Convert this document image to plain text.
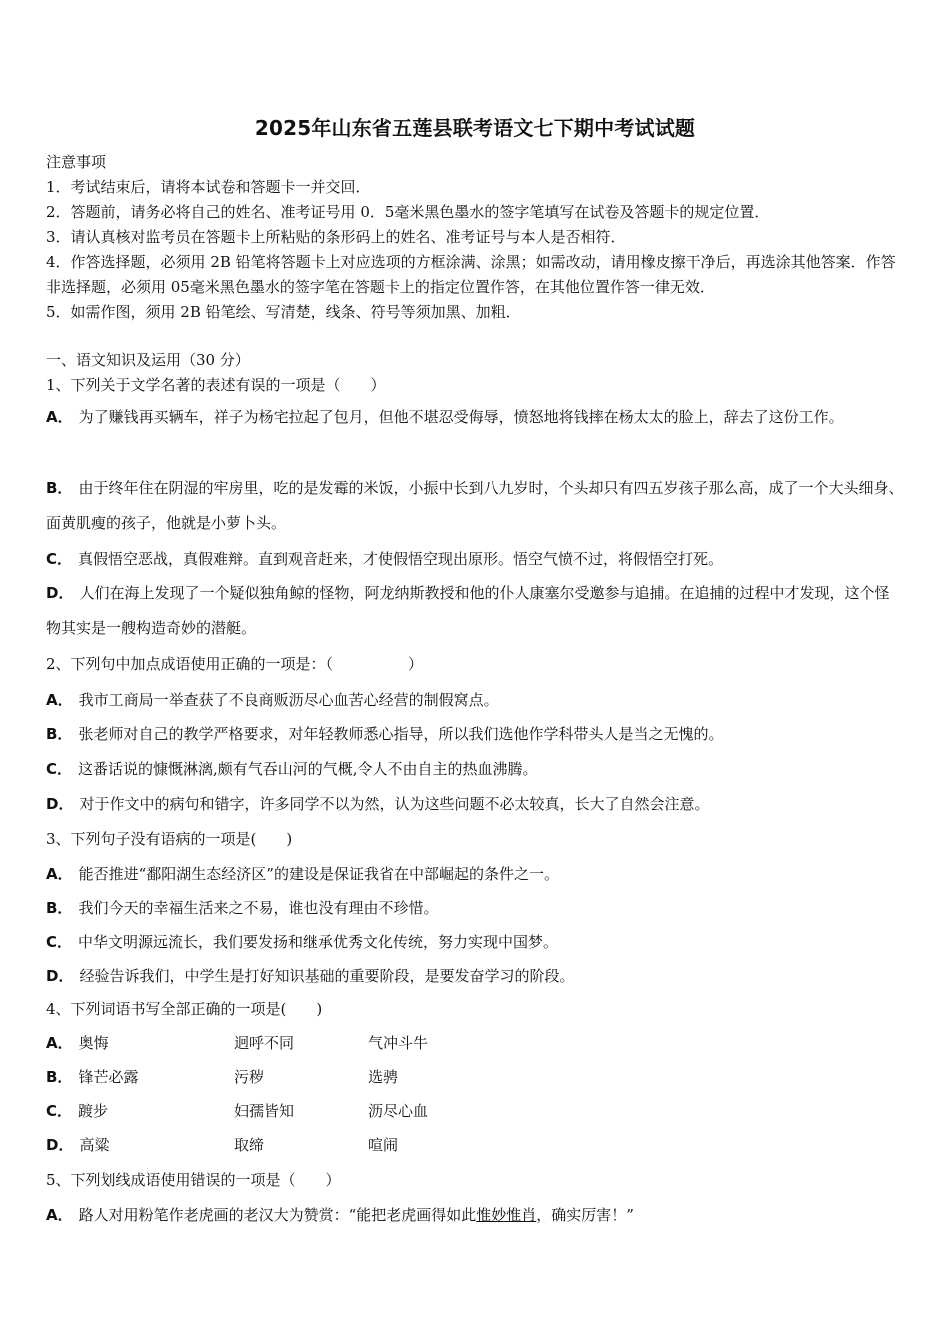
2025年山东省五莲县联考语文七下期中考试试题
注意事项
1．考试结束后，请将本试卷和答题卡一并交回．
2．答题前，请务必将自己的姓名、准考证号用 0．5毫米黑色墨水的签字笔填写在试卷及答题卡的规定位置．
3．请认真核对监考员在答题卡上所粘贴的条形码上的姓名、准考证号与本人是否相符．
4．作答选择题，必须用 2B 铅笔将答题卡上对应选项的方框涂满、涂黑；如需改动，请用橡皮擦干净后，再选涂其他答案．作答非选择题，必须用 05毫米黑色墨水的签字笔在答题卡上的指定位置作答，在其他位置作答一律无效．
5．如需作图，须用 2B 铅笔绘、写清楚，线条、符号等须加黑、加粗．
一、语文知识及运用（30 分）
1、下列关于文学名著的表述有误的一项是（　　）
A． 为了赚钱再买辆车，祥子为杨宅拉起了包月，但他不堪忍受侮辱，愤怒地将钱摔在杨太太的脸上，辞去了这份工作。
B． 由于终年住在阴湿的牢房里，吃的是发霉的米饭，小振中长到八九岁时，个头却只有四五岁孩子那么高，成了一个大头细身、面黄肌瘦的孩子，他就是小萝卜头。
C． 真假悟空恶战，真假难辩。直到观音赶来，才使假悟空现出原形。悟空气愤不过，将假悟空打死。
D． 人们在海上发现了一个疑似独角鲸的怪物，阿龙纳斯教授和他的仆人康塞尔受邀参与追捕。在追捕的过程中才发现，这个怪物其实是一艘构造奇妙的潜艇。
2、下列句中加点成语使用正确的一项是：（　　　　　）
A． 我市工商局一举查获了不良商贩沥尽心血苦心经营的制假窝点。
B． 张老师对自己的教学严格要求，对年轻教师悉心指导，所以我们选他作学科带头人是当之无愧的。
C． 这番话说的慷慨淋漓,颇有气吞山河的气概,令人不由自主的热血沸腾。
D． 对于作文中的病句和错字，许多同学不以为然，认为这些问题不必太较真，长大了自然会注意。
3、下列句子没有语病的一项是(　　)
A． 能否推进“鄱阳湖生态经济区”的建设是保证我省在中部崛起的条件之一。
B． 我们今天的幸福生活来之不易，谁也没有理由不珍惜。
C． 中华文明源远流长，我们要发扬和继承优秀文化传统，努力实现中国梦。
D． 经验告诉我们，中学生是打好知识基础的重要阶段，是要发奋学习的阶段。
4、下列词语书写全部正确的一项是(　　)
A． 奥悔	迥呼不同	气冲斗牛
B． 锋芒必露	污秽	选骋
C． 踱步	妇孺皆知	沥尽心血
D． 高粱	取缔	喧闹
5、下列划线成语使用错误的一项是（　　）
A． 路人对用粉笔作老虎画的老汉大为赞赏：“能把老虎画得如此惟妙惟肖，确实厉害！”
